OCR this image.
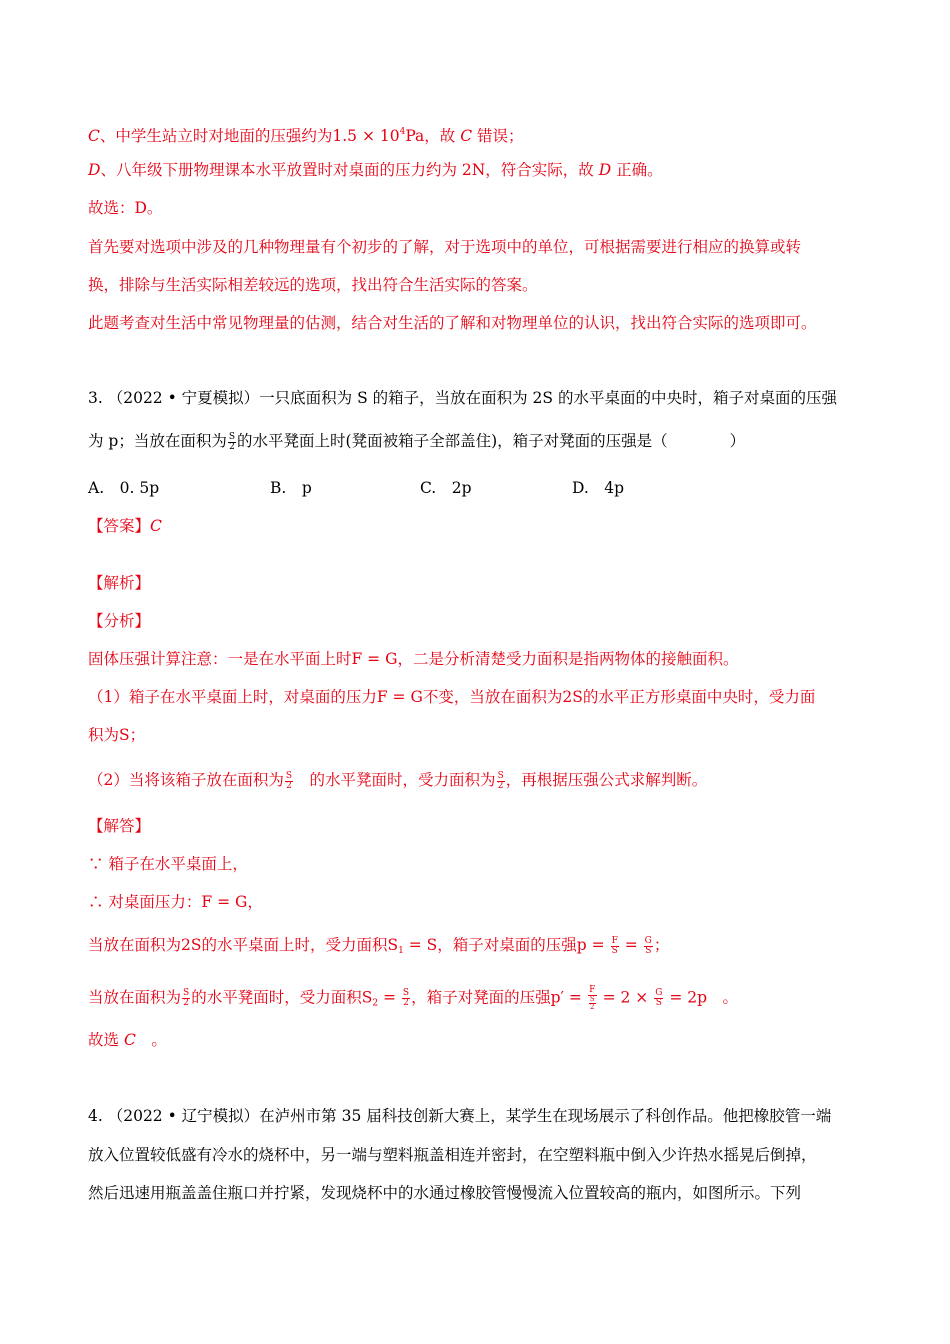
C、中学生站立时对地面的压强约为$1.5 \times 10^4Pa$，故 C 错误；
D、八年级下册物理课本水平放置时对桌面的压力约为 2N，符合实际，故 D 正确。
故选：D。
首先要对选项中涉及的几种物理量有个初步的了解，对于选项中的单位，可根据需要进行相应的换算或转
换，排除与生活实际相差较远的选项，找出符合生活实际的答案。
此题考查对生活中常见物理量的估测，结合对生活的了解和对物理单位的认识，找出符合实际的选项即可。
3. （2022 • 宁夏模拟）一只底面积为 S 的箱子，当放在面积为 2S 的水平桌面的中央时，箱子对桌面的压强
为 p；当放在面积为 $\frac{S}{2}$ 的水平凳面上时(凳面被箱子全部盖住)，箱子对凳面的压强是（　　　　）
A.　0. 5p	B.　p	C.　2p	D.　4p
【答案】C
【解析】
【分析】
固体压强计算注意：一是在水平面上时F = G，二是分析清楚受力面积是指两物体的接触面积。
（1）箱子在水平桌面上时，对桌面的压力F = G不变，当放在面积为2S的水平正方形桌面中央时，受力面
积为S；
（2）当将该箱子放在面积为 $\frac{S}{2}$ 　的水平凳面时，受力面积为 $\frac{S}{2}$ ，再根据压强公式求解判断。
【解答】
∵ 箱子在水平桌面上，
∴ 对桌面压力：F = G，
当放在面积为2S的水平桌面上时，受力面积$S_1 = S$，箱子对桌面的压强$p = \frac{F}{S} = \frac{G}{S}$ ；
当放在面积为 $\frac{S}{2}$ 的水平凳面时，受力面积$S_2 = \frac{S}{2}$ ，箱子对凳面的压强$p' = \frac{F}{\frac{S}{2}} = 2 \times \frac{G}{S} = 2p$　。
故选 C　。
4. （2022 • 辽宁模拟）在泸州市第 35 届科技创新大赛上，某学生在现场展示了科创作品。他把橡胶管一端
放入位置较低盛有冷水的烧杯中，另一端与塑料瓶盖相连并密封，在空塑料瓶中倒入少许热水摇晃后倒掉，
然后迅速用瓶盖盖住瓶口并拧紧，发现烧杯中的水通过橡胶管慢慢流入位置较高的瓶内，如图所示。下列
